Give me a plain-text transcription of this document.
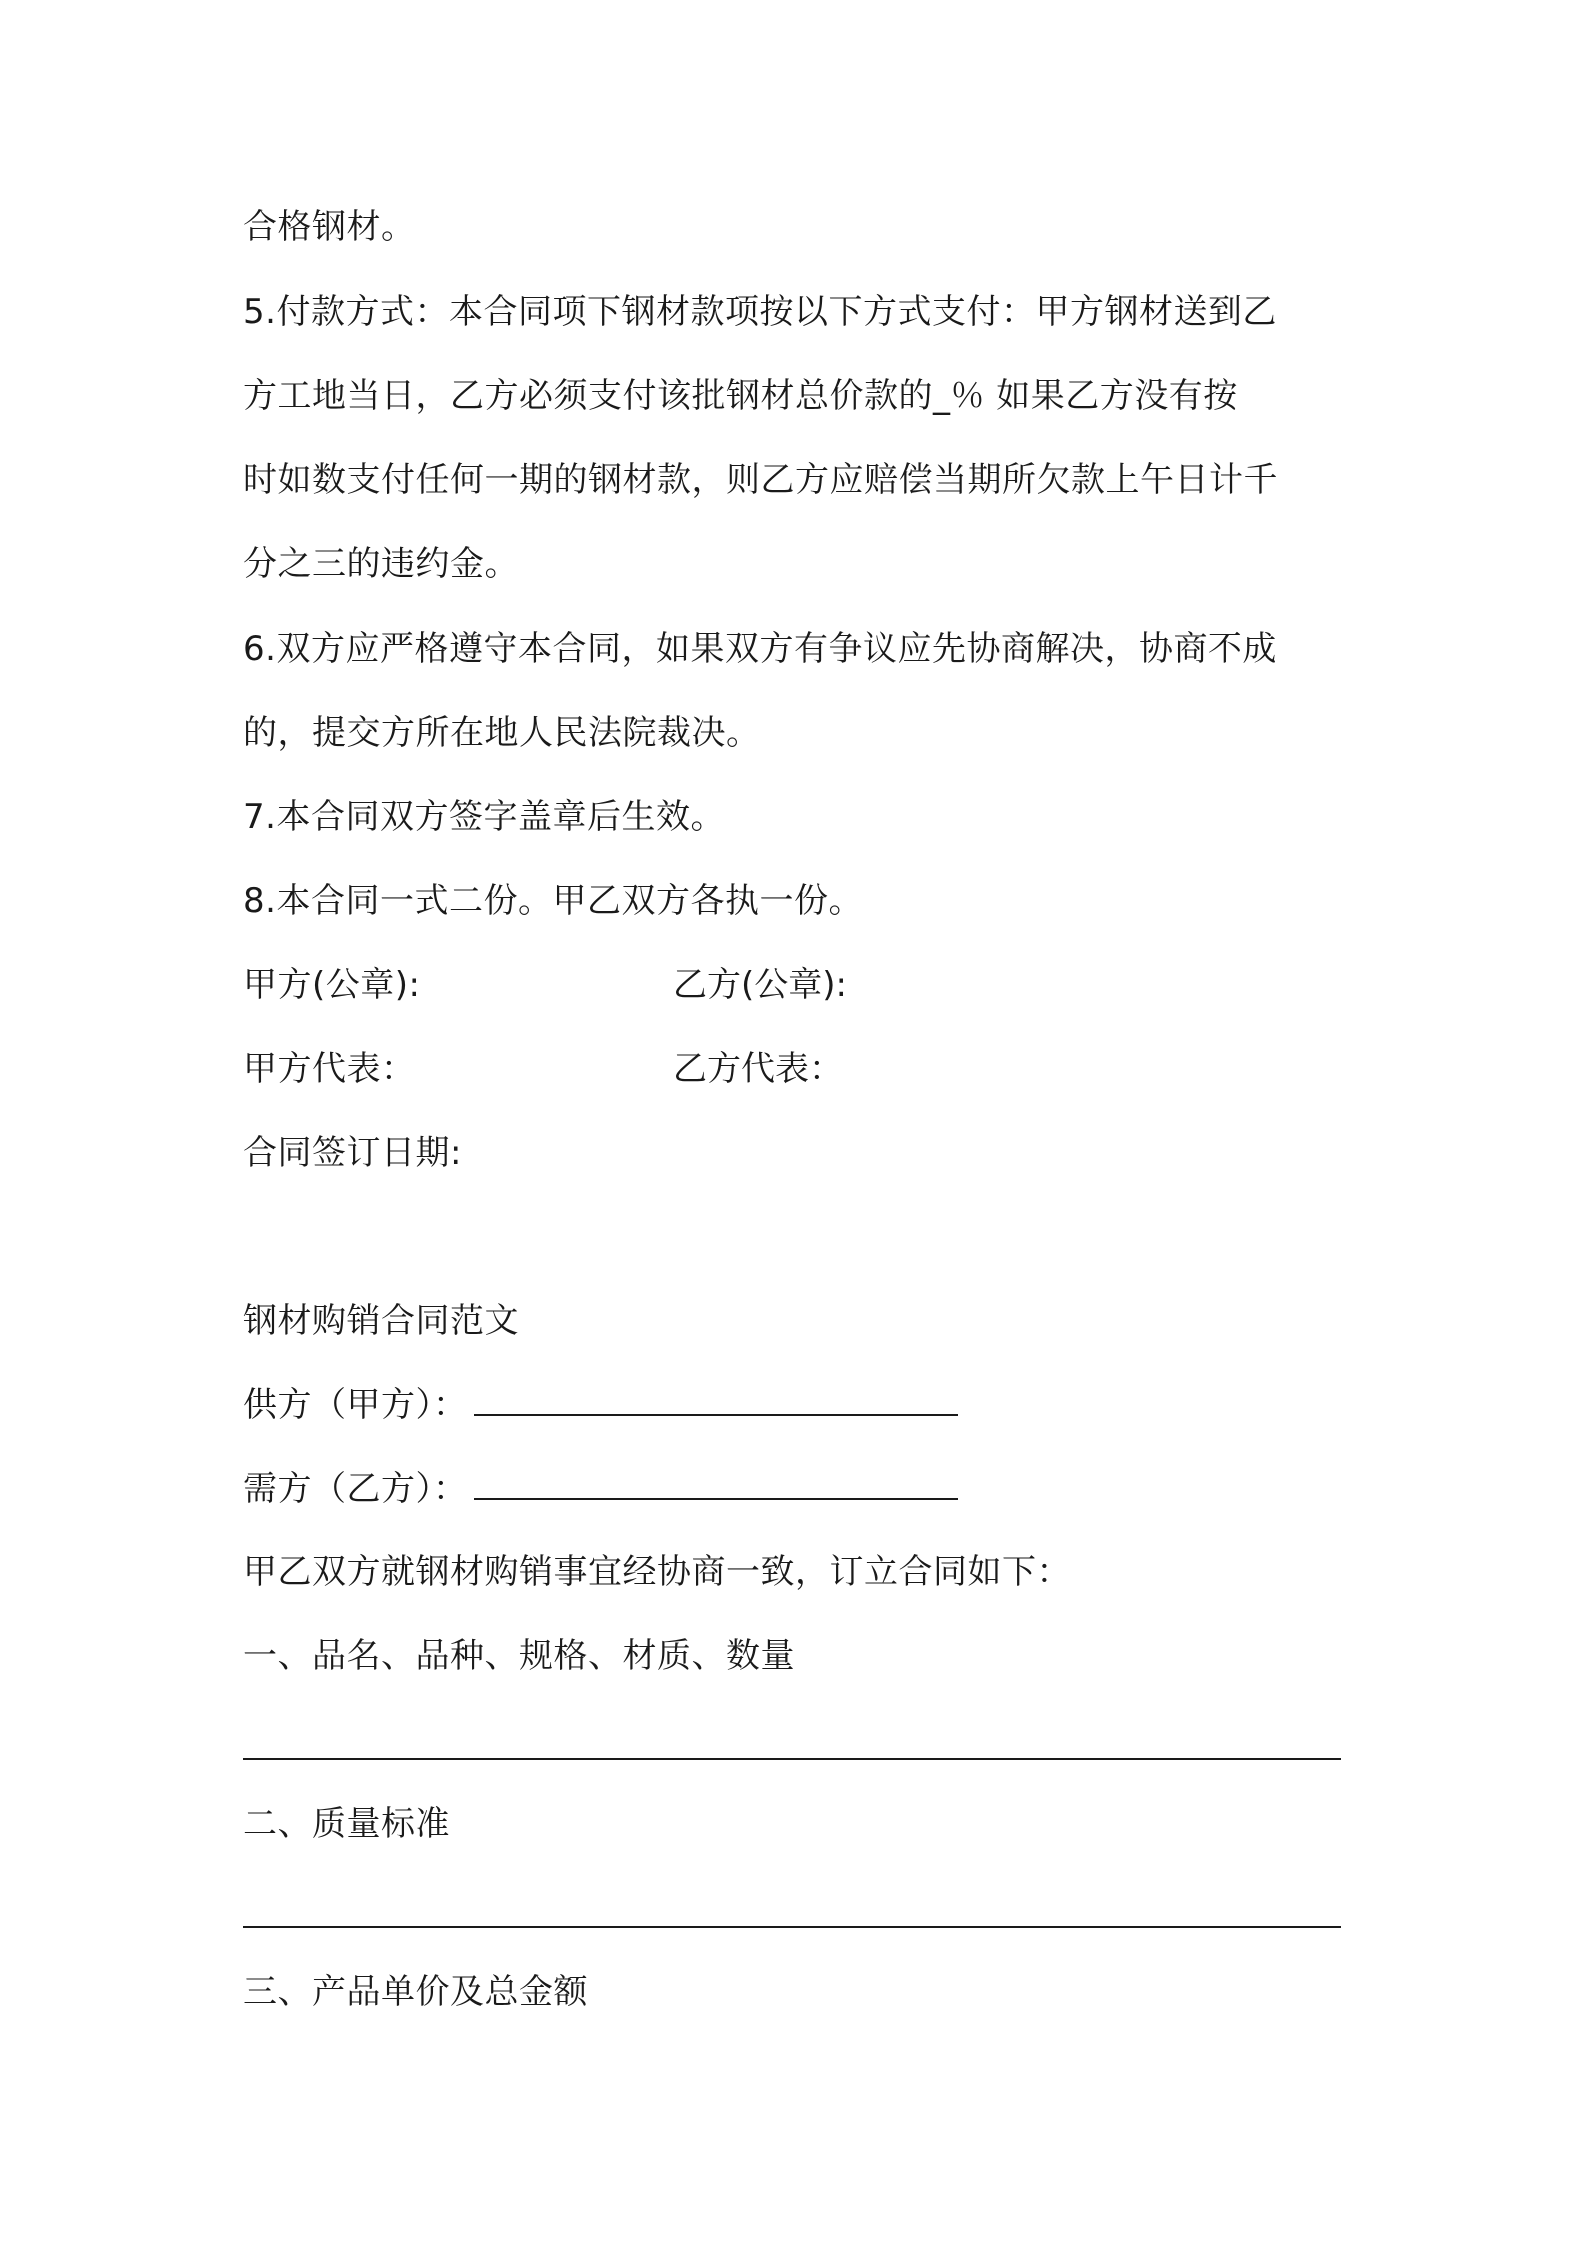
合格钢材。
5.付款方式：本合同项下钢材款项按以下方式支付：甲方钢材送到乙
方工地当日，乙方必须支付该批钢材总价款的_％ 如果乙方没有按
时如数支付任何一期的钢材款，则乙方应赔偿当期所欠款上午日计千
分之三的违约金。
6.双方应严格遵守本合同，如果双方有争议应先协商解决，协商不成
的，提交方所在地人民法院裁决。
7.本合同双方签字盖章后生效。
8.本合同一式二份。甲乙双方各执一份。
甲方(公章):	乙方(公章):
甲方代表：	乙方代表：
合同签订日期:
钢材购销合同范文
供方（甲方）：
需方（乙方）：
甲乙双方就钢材购销事宜经协商一致，订立合同如下：
一、品名、品种、规格、材质、数量
二、质量标准
三、产品单价及总金额
